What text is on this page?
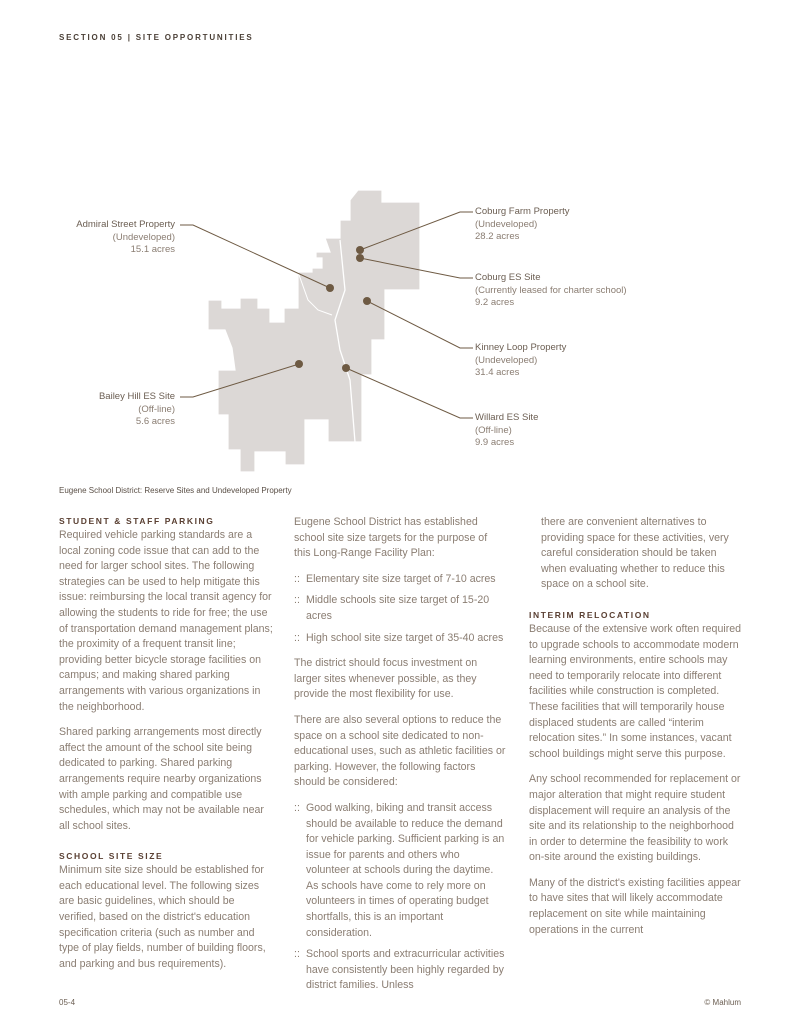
SECTION 05 | SITE OPPORTUNITIES
Admiral Street Property
(Undeveloped)
15.1 acres
Bailey Hill ES Site
(Off-line)
5.6 acres
Coburg Farm Property
(Undeveloped)
28.2 acres
Coburg ES Site
(Currently leased for charter school)
9.2 acres
Kinney Loop Property
(Undeveloped)
31.4 acres
Willard ES Site
(Off-line)
9.9 acres
Eugene School District: Reserve Sites and Undeveloped Property
STUDENT & STAFF PARKING

Required vehicle parking standards are a local zoning code issue that can add to the need for larger school sites. The following strategies can be used to help mitigate this issue: reimbursing the local transit agency for allowing the students to ride for free; the use of transportation demand management plans; the proximity of a frequent transit line; providing better bicycle storage facilities on campus; and making shared parking arrangements with various organizations in the neighborhood.

Shared parking arrangements most directly affect the amount of the school site being dedicated to parking. Shared parking arrangements require nearby organizations with ample parking and compatible use schedules, which may not be available near all school sites.

SCHOOL SITE SIZE

Minimum site size should be established for each educational level. The following sizes are basic guidelines, which should be verified, based on the district's education specification criteria (such as number and type of play fields, number of building floors, and parking and bus requirements).

Eugene School District has established school site size targets for the purpose of this Long-Range Facility Plan:

:: Elementary site size target of 7-10 acres
:: Middle schools site size target of 15-20 acres
:: High school site size target of 35-40 acres

The district should focus investment on larger sites whenever possible, as they provide the most flexibility for use.

There are also several options to reduce the space on a school site dedicated to non-educational uses, such as athletic facilities or parking. However, the following factors should be considered:

:: Good walking, biking and transit access should be available to reduce the demand for vehicle parking. Sufficient parking is an issue for parents and others who volunteer at schools during the daytime. As schools have come to rely more on volunteers in times of operating budget shortfalls, this is an important consideration.
:: School sports and extracurricular activities have consistently been highly regarded by district families. Unless

there are convenient alternatives to providing space for these activities, very careful consideration should be taken when evaluating whether to reduce this space on a school site.

INTERIM RELOCATION

Because of the extensive work often required to upgrade schools to accommodate modern learning environments, entire schools may need to temporarily relocate into different facilities while construction is completed. These facilities that will temporarily house displaced students are called “interim relocation sites.” In some instances, vacant school buildings might serve this purpose.

Any school recommended for replacement or major alteration that might require student displacement will require an analysis of the site and its relationship to the neighborhood in order to determine the feasibility to work on-site around the existing buildings.

Many of the district's existing facilities appear to have sites that will likely accommodate replacement on site while maintaining operations in the current

05-4	© Mahlum
